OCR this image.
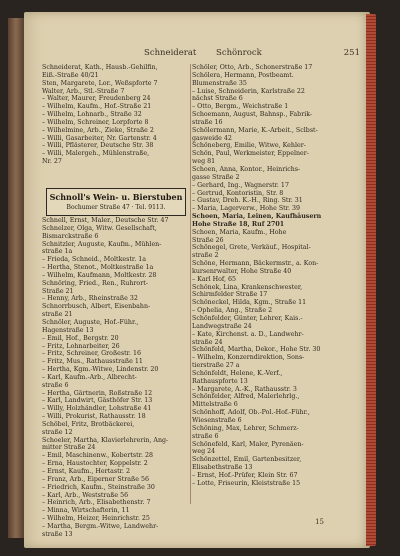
Schneiderat Schönrock	251
Schneiderat, Kath., Hausb.-Gehilfin,
Eiß.-Straße 40/21
Sten, Margarete, Lor., Weßspforte 7
Walter, Arb., Stl.-Straße 7
– Walter, Maurer, Freudenberg 24
– Wilhelm, Kaufm., Hof.-Straße 21
– Wilhelm, Lohnarb., Straße 32
– Wilhelm, Schreiner, Lorpforte 8
– Wilhelmine, Arb., Zieke, Straße 2
– Willi, Gasarbeiter, Nr. Gartenstr. 4
– Willi, Pflästerer, Deutsche Str. 38
– Willi, Malergeh., Mühlenstraße,
Nr. 27
Schnoll's Wein- u. Bierstuben
Bochumer Straße 47 · Tel. 9113.
Schnell, Ernst, Maler., Deutsche Str. 47
Schnelzer, Olga, Witw. Gesellschaft,
Bismarckstraße 6
Schnitzler, Auguste, Kaufm., Mühlen-
straße 1a
– Frieda, Schneid., Moltkestr. 1a
– Hertha, Stenot., Moltkestraße 1a
– Wilhelm, Kaufmann, Moltkestr. 28
Schnöring, Fried., Ren., Ruhrort-
Straße 21
– Henny, Arb., Rheinstraße 32
Schnorrbusch, Albert, Eisenbahn-
straße 21
Schnöler, Auguste, Hof.-Führ.,
Hagenstraße 13
– Emil, Hof., Bergstr. 20
– Fritz, Lohnarbeiter, 26
– Fritz, Schreiner, Großestr. 16
– Fritz, Mus., Rathausstraße 11
– Hertha, Kgm.-Witwe, Lindenstr. 20
– Karl, Kaufm.-Arb., Albrecht-
straße 6
– Hertha, Gärtnerin, Roßstraße 12
– Karl, Landwirt, Gästhöfer Str. 13
– Willy, Holzhändler, Lohstraße 41
– Willi, Prokurist, Rathausstr. 18
Schöbel, Fritz, Brotbäckerei,
straße 12
Schoeler, Martha, Klavierlehrerin, Ang-
mitter Straße 24
– Emil, Maschinenw., Kobertstr. 28
– Erna, Haustochter, Koppelstr. 2
– Ernst, Kaufm., Hertastr. 2
– Franz, Arb., Eiperner Straße 56
– Friedrich, Kaufm., Steinstraße 30
– Karl, Arb., Weststraße 56
– Heinrich, Arb., Elisabethenstr. 7
– Minna, Wirtschafterin, 11
– Wilhelm, Heizer, Heinrichstr. 25
– Martha, Bergm.-Witwe, Landwehr-
straße 13
Schöler, Otto, Arb., Schonerstraße 17
Schölera, Hermann, Postbeamt.
Blumenstraße 35
– Luise, Schneiderin, Karlstraße 22
nächst Straße 6
– Otto, Bergm., Weichstraße 1
Schoemann, August, Bahnsp., Fabrik-
straße 16
Schölermann, Marie, K.-Arbeit., Sclbst-
gasweide 42
Schöneberg, Emilie, Witwe, Kehler-
Schön, Paul, Werkmeister, Eppelner-
weg 81
Schoen, Anna, Kontor., Heinrichs-
gasse Straße 2
– Gerhard, Ing., Wagnerstr. 17
– Gertrud, Kontoristin, Str. 8
– Gustav, Dreh. K.-H., Ring. Str. 31
– Maria, Lagerverw., Hohe Str. 39
Schoen, Maria, Leinen, Kaufhäusern
Hohe Straße 18, Ruf 2701
Schoen, Maria, Kaufm., Hohe
Straße 26
Schönegel, Grete, Verkäuf., Hospital-
straße 2
Schöne, Hermann, Bäckermstr., a. Kon-
kursenrwalter, Hohe Straße 40
– Karl Hof, 65
Schönek, Lina, Krankenschwester,
Schirmfelder Straße 17
Schöneckel, Hilda, Kgm., Straße 11
– Ophelia, Ang., Straße 2
Schönfelder, Günter, Lehrer, Kais.-
Landwegstraße 24
– Kate, Kirchenst. a. D., Landwehr-
straße 24
Schönfeld, Martha, Dekor., Hohe Str. 30
– Wilhelm, Konzerndirektion, Sons-
tierstraße 27 a
Schönfeldt, Helene, K.-Verf.,
Rathauspforte 13
– Margarete, A.-K., Rathausstr. 3
Schönfelder, Alfred, Malerlehrlg.,
Mittelstraße 6
Schönhoff, Adolf, Ob.-Pol.-Hof.-Führ.,
Wiesenstraße 6
Schöning, Max, Lehrer, Schmerz-
straße 6
Schönefeld, Karl, Maler, Pyrenäen-
weg 24
Schönzettel, Emil, Gartenbesitzer,
Elisabethstraße 13
– Ernst, Hof.-Prüfer, Klein Str. 67
– Lotte, Friseurin, Kleiststraße 15
15
